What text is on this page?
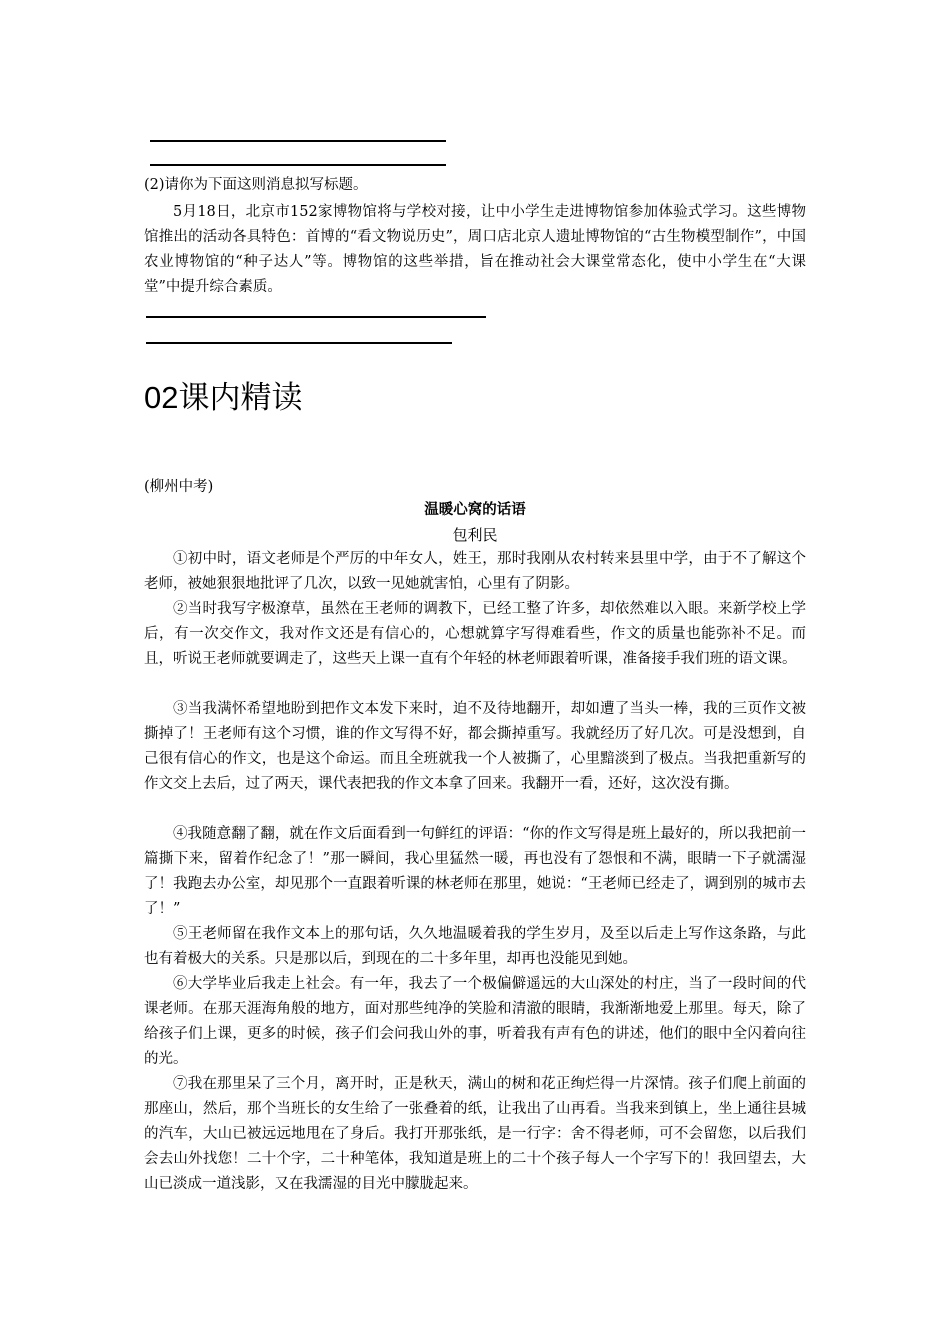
(2)请你为下面这则消息拟写标题。

5月18日，北京市152家博物馆将与学校对接，让中小学生走进博物馆参加体验式学习。这些博物馆推出的活动各具特色：首博的“看文物说历史”，周口店北京人遗址博物馆的“古生物模型制作”，中国农业博物馆的“种子达人”等。博物馆的这些举措，旨在推动社会大课堂常态化，使中小学生在“大课堂”中提升综合素质。

02课内精读
(柳州中考)
温暖心窝的话语
包利民

①初中时，语文老师是个严厉的中年女人，姓王，那时我刚从农村转来县里中学，由于不了解这个老师，被她狠狠地批评了几次，以致一见她就害怕，心里有了阴影。

②当时我写字极潦草，虽然在王老师的调教下，已经工整了许多，却依然难以入眼。来新学校上学后，有一次交作文，我对作文还是有信心的，心想就算字写得难看些，作文的质量也能弥补不足。而且，听说王老师就要调走了，这些天上课一直有个年轻的林老师跟着听课，准备接手我们班的语文课。

③当我满怀希望地盼到把作文本发下来时，迫不及待地翻开，却如遭了当头一棒，我的三页作文被撕掉了！王老师有这个习惯，谁的作文写得不好，都会撕掉重写。我就经历了好几次。可是没想到，自己很有信心的作文，也是这个命运。而且全班就我一个人被撕了，心里黯淡到了极点。当我把重新写的作文交上去后，过了两天，课代表把我的作文本拿了回来。我翻开一看，还好，这次没有撕。

④我随意翻了翻，就在作文后面看到一句鲜红的评语：“你的作文写得是班上最好的，所以我把前一篇撕下来，留着作纪念了！”那一瞬间，我心里猛然一暖，再也没有了怨恨和不满，眼睛一下子就濡湿了！我跑去办公室，却见那个一直跟着听课的林老师在那里，她说：“王老师已经走了，调到别的城市去了！”

⑤王老师留在我作文本上的那句话，久久地温暖着我的学生岁月，及至以后走上写作这条路，与此也有着极大的关系。只是那以后，到现在的二十多年里，却再也没能见到她。

⑥大学毕业后我走上社会。有一年，我去了一个极偏僻遥远的大山深处的村庄，当了一段时间的代课老师。在那天涯海角般的地方，面对那些纯净的笑脸和清澈的眼睛，我渐渐地爱上那里。每天，除了给孩子们上课，更多的时候，孩子们会问我山外的事，听着我有声有色的讲述，他们的眼中全闪着向往的光。

⑦我在那里呆了三个月，离开时，正是秋天，满山的树和花正绚烂得一片深情。孩子们爬上前面的那座山，然后，那个当班长的女生给了一张叠着的纸，让我出了山再看。当我来到镇上，坐上通往县城的汽车，大山已被远远地甩在了身后。我打开那张纸，是一行字：舍不得老师，可不会留您，以后我们会去山外找您！二十个字，二十种笔体，我知道是班上的二十个孩子每人一个字写下的！我回望去，大山已淡成一道浅影，又在我濡湿的目光中朦胧起来。
